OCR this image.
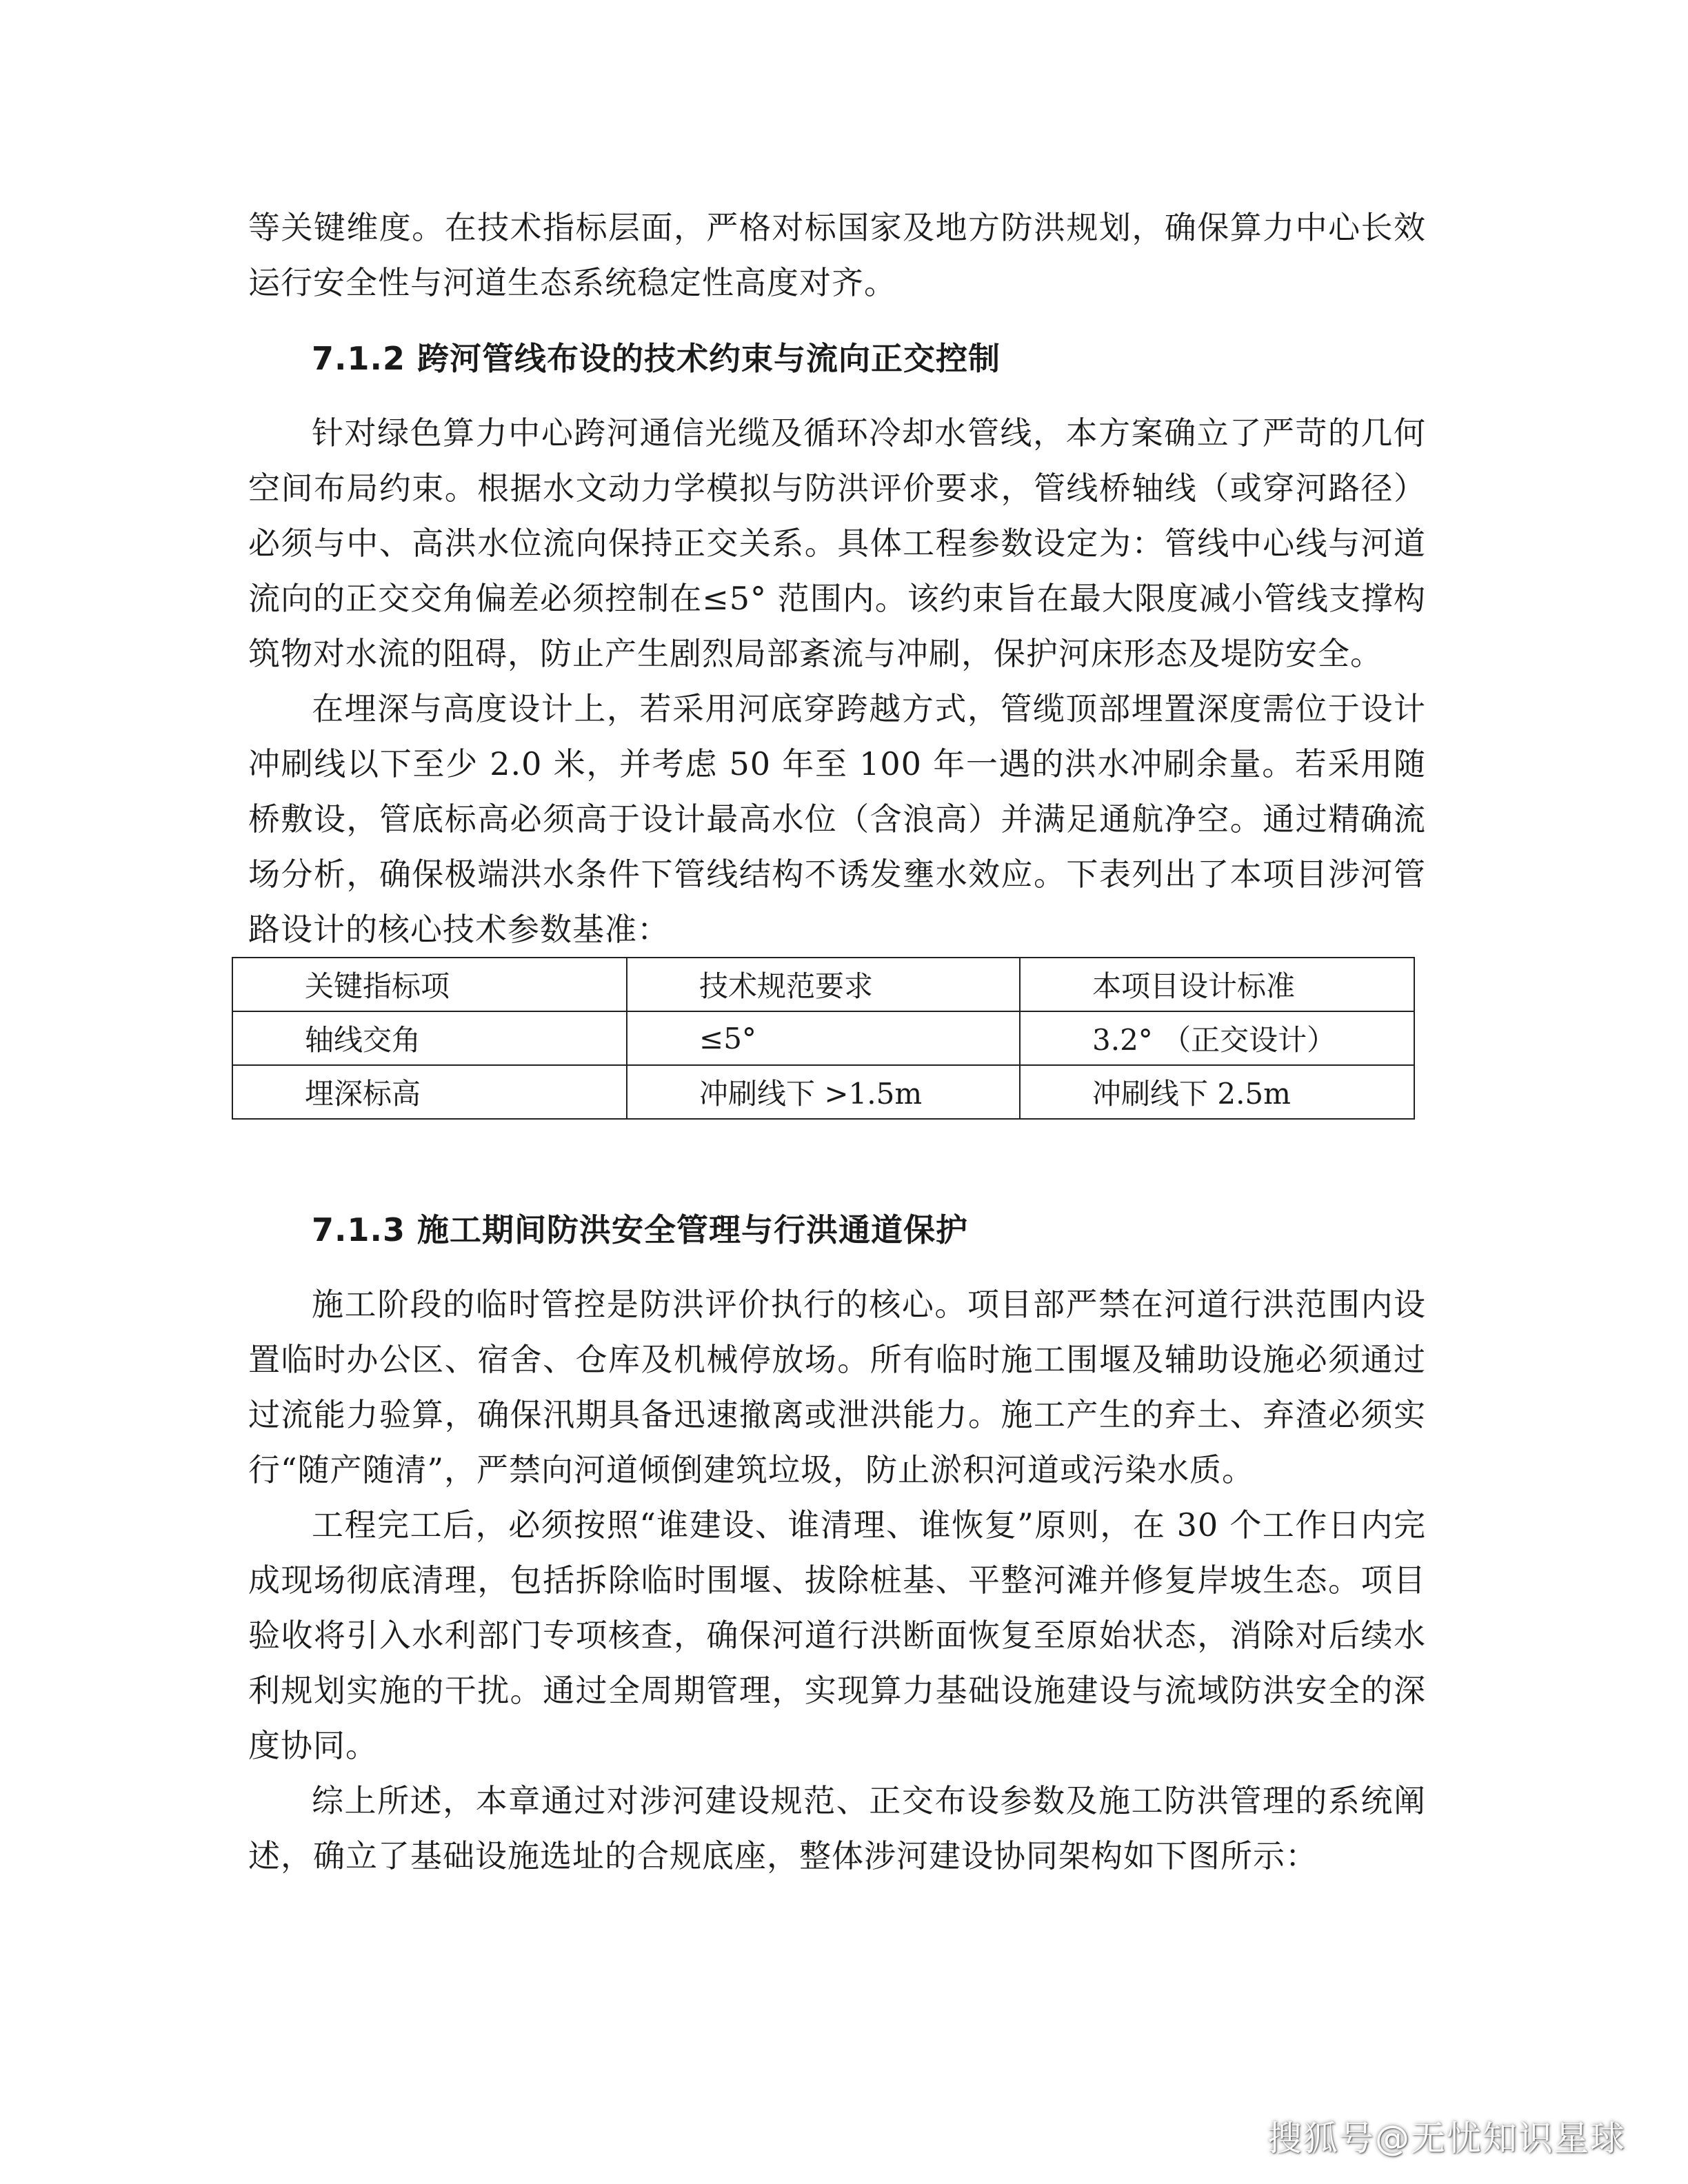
等关键维度。在技术指标层面，严格对标国家及地方防洪规划，确保算力中心长效运行安全性与河道生态系统稳定性高度对齐。

7.1.2 跨河管线布设的技术约束与流向正交控制

针对绿色算力中心跨河通信光缆及循环冷却水管线，本方案确立了严苛的几何空间布局约束。根据水文动力学模拟与防洪评价要求，管线桥轴线（或穿河路径）必须与中、高洪水位流向保持正交关系。具体工程参数设定为：管线中心线与河道流向的正交交角偏差必须控制在≤5° 范围内。该约束旨在最大限度减小管线支撑构筑物对水流的阻碍，防止产生剧烈局部紊流与冲刷，保护河床形态及堤防安全。

在埋深与高度设计上，若采用河底穿跨越方式，管缆顶部埋置深度需位于设计冲刷线以下至少 2.0 米，并考虑 50 年至 100 年一遇的洪水冲刷余量。若采用随桥敷设，管底标高必须高于设计最高水位（含浪高）并满足通航净空。通过精确流场分析，确保极端洪水条件下管线结构不诱发壅水效应。下表列出了本项目涉河管路设计的核心技术参数基准：

关键指标项	技术规范要求	本项目设计标准
轴线交角	≤5°	3.2° （正交设计）
埋深标高	冲刷线下 >1.5m	冲刷线下 2.5m
7.1.3 施工期间防洪安全管理与行洪通道保护

施工阶段的临时管控是防洪评价执行的核心。项目部严禁在河道行洪范围内设置临时办公区、宿舍、仓库及机械停放场。所有临时施工围堰及辅助设施必须通过过流能力验算，确保汛期具备迅速撤离或泄洪能力。施工产生的弃土、弃渣必须实行“随产随清”，严禁向河道倾倒建筑垃圾，防止淤积河道或污染水质。

工程完工后，必须按照“谁建设、谁清理、谁恢复”原则，在 30 个工作日内完成现场彻底清理，包括拆除临时围堰、拔除桩基、平整河滩并修复岸坡生态。项目验收将引入水利部门专项核查，确保河道行洪断面恢复至原始状态，消除对后续水利规划实施的干扰。通过全周期管理，实现算力基础设施建设与流域防洪安全的深度协同。

综上所述，本章通过对涉河建设规范、正交布设参数及施工防洪管理的系统阐述，确立了基础设施选址的合规底座，整体涉河建设协同架构如下图所示：

搜狐号@无忧知识星球
